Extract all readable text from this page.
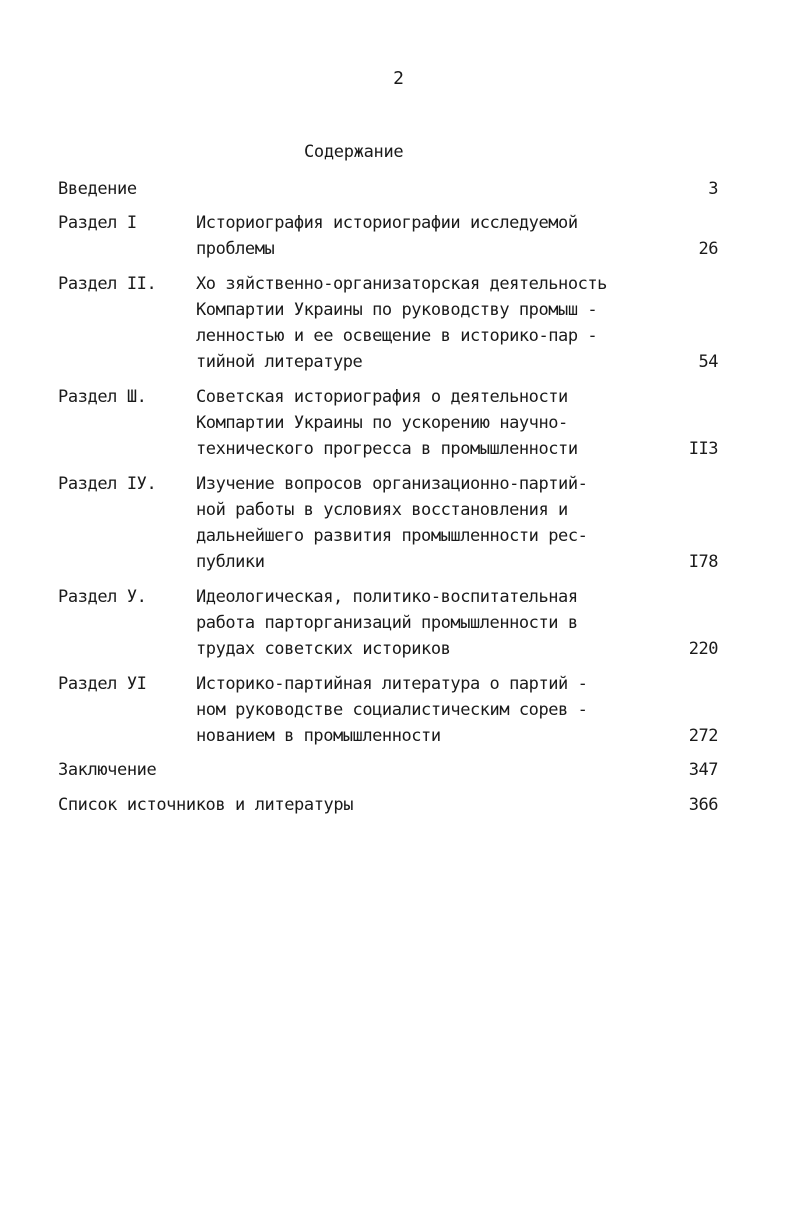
2
Содержание
Введение	3
Раздел I	Историография историографии исследуемой
проблемы	26
Раздел II.	Хо зяйственно-организаторская деятельность
Компартии Украины по руководству промыш -
ленностью и ее освещение в историко-пар -
тийной литературе	54
Раздел Ш.	Советская историография о деятельности
Компартии Украины по ускорению научно-
технического прогресса в промышленности	II3
Раздел IУ.	Изучение вопросов организационно-партий-
ной работы в условиях восстановления и
дальнейшего развития промышленности рес-
публики	I78
Раздел У.	Идеологическая, политико-воспитательная
работа парторганизаций промышленности в
трудах советских историков	220
Раздел УI	Историко-партийная литература о партий -
ном руководстве социалистическим сорев -
нованием в промышленности	272
Заключение	347
Список источников и литературы	366
